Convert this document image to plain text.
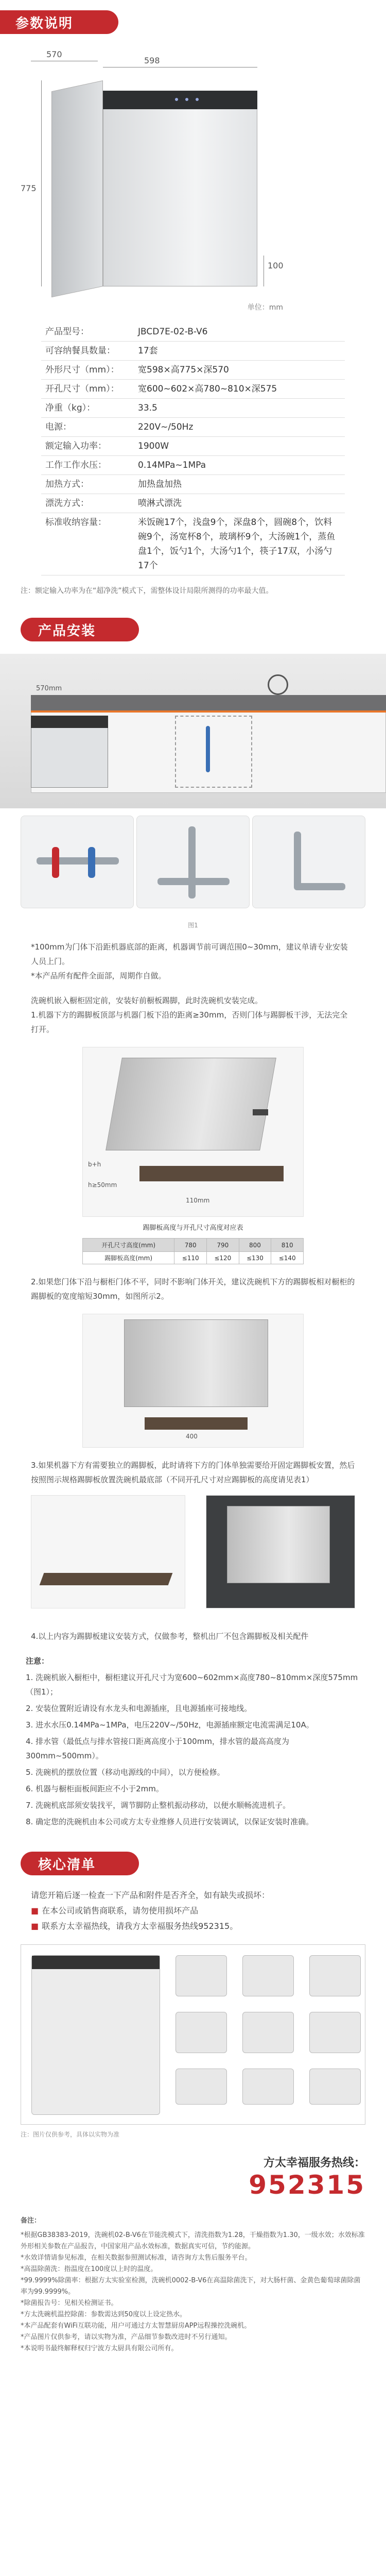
参数说明
598
570
775
100
单位：mm
产品型号：	JBCD7E-02-B-V6
可容纳餐具数量：	17套
外形尺寸（mm）：	宽598×高775×深570
开孔尺寸（mm）：	宽600~602×高780~810×深575
净重（kg）：	33.5
电源：	220V~/50Hz
额定输入功率：	1900W
工作工作水压：	0.14MPa~1MPa
加热方式：	加热盘加热
漂洗方式：	喷淋式漂洗
标准收纳容量：	米饭碗17个，浅盘9个，深盘8个，圆碗8个，饮料碗9个，汤宽杯8个，玻璃杯9个，大汤碗1个，蒸鱼盘1个，饭勺1个，大汤勺1个，筷子17双，小汤勺17个
注：额定输入功率为在“超净洗”模式下，需整体设计局限所测得的功率最大值。
产品安装
570mm
图1

*100mm为门体下沿距机器底部的距离，机器调节前可调范围0~30mm，建议单请专业安装人员上门。

*本产品所有配件全面部，周期作自做。

洗碗机嵌入橱柜固定前，安装好前橱板踢脚，此时洗碗机安装完成。

1.机器下方的踢脚板顶部与机器门板下沿的距离≥30mm，否则门体与踢脚板干涉，无法完全打开。

b+h
h≥50mm
110mm
踢脚板高度与开孔尺寸高度对应表
开孔尺寸高度(mm)	780	790	800	810
踢脚板高度(mm)	≤110	≤120	≤130	≤140

2.如果您门体下沿与橱柜门体不平，同时不影响门体开关，建议洗碗机下方的踢脚板相对橱柜的踢脚板的宽度缩短30mm，如图所示2。

400

3.如果机器下方有需要独立的踢脚板，此时请将下方的门体单独需要给开固定踢脚板安置，然后按照图示规格踢脚板放置洗碗机最底部（不同开孔尺寸对应踢脚板的高度请见表1）

4.以上内容为踢脚板建议安装方式，仅做参考，整机出厂不包含踢脚板及相关配件

注意：

1. 洗碗机嵌入橱柜中，橱柜建议开孔尺寸为宽600~602mm×高度780~810mm×深度575mm（图1）；

2. 安装位置附近请设有水龙头和电源插座，且电源插座可接地线。

3. 进水水压0.14MPa~1MPa，电压220V~/50Hz，电源插座额定电流需满足10A。

4. 排水管（最低点与排水管接口距离高度小于100mm，排水管的最高高度为300mm~500mm）。

5. 洗碗机的摆放位置（移动电源线的中间），以方便检修。

6. 机器与橱柜面板间距应不小于2mm。

7. 洗碗机底部须安装找平，调节脚防止整机振动移动，以便水顺畅流进机子。

8. 确定您的洗碗机由本公司或方太专业维修人员进行安装调试，以保证安装时准确。

核心清单

请您开箱后逐一检查一下产品和附件是否齐全，如有缺失或损坏：

■ 在本公司或销售商联系，请勿使用损坏产品

■ 联系方太幸福热线，请我方太幸福服务热线952315。

注：图片仅供参考，具体以实物为准
方太幸福服务热线：
952315
备注：

*根据GB38383-2019，洗碗机02-B-V6在节能洗模式下，清洗指数为1.28，干燥指数为1.30，一级水效；水效标准外形相关参数在产品报告，中国家用产品水效标准，数据真实可信，节约能源。

*水效详情请参见标准，在相关数据参照测试标准，请咨询方太售后服务平台。

*高温除菌洗：指温度在100度以上时的温度。

*99.9999%除菌率：根据方太实验室检测，洗碗机0002-B-V6在高温除菌洗下，对大肠杆菌、金黄色葡萄球菌除菌率为99.9999%。

*除菌报告号：见相关检测证书。

*方太洗碗机温控除菌：参数需达到50度以上设定热水。

*本产品配套有WiFi互联功能，用户可通过方太智慧厨房APP远程操控洗碗机。

*产品图片仅供参考，请以实物为准，产品细节参数改进时不另行通知。

*本说明书最终解释权归宁波方太厨具有限公司所有。
